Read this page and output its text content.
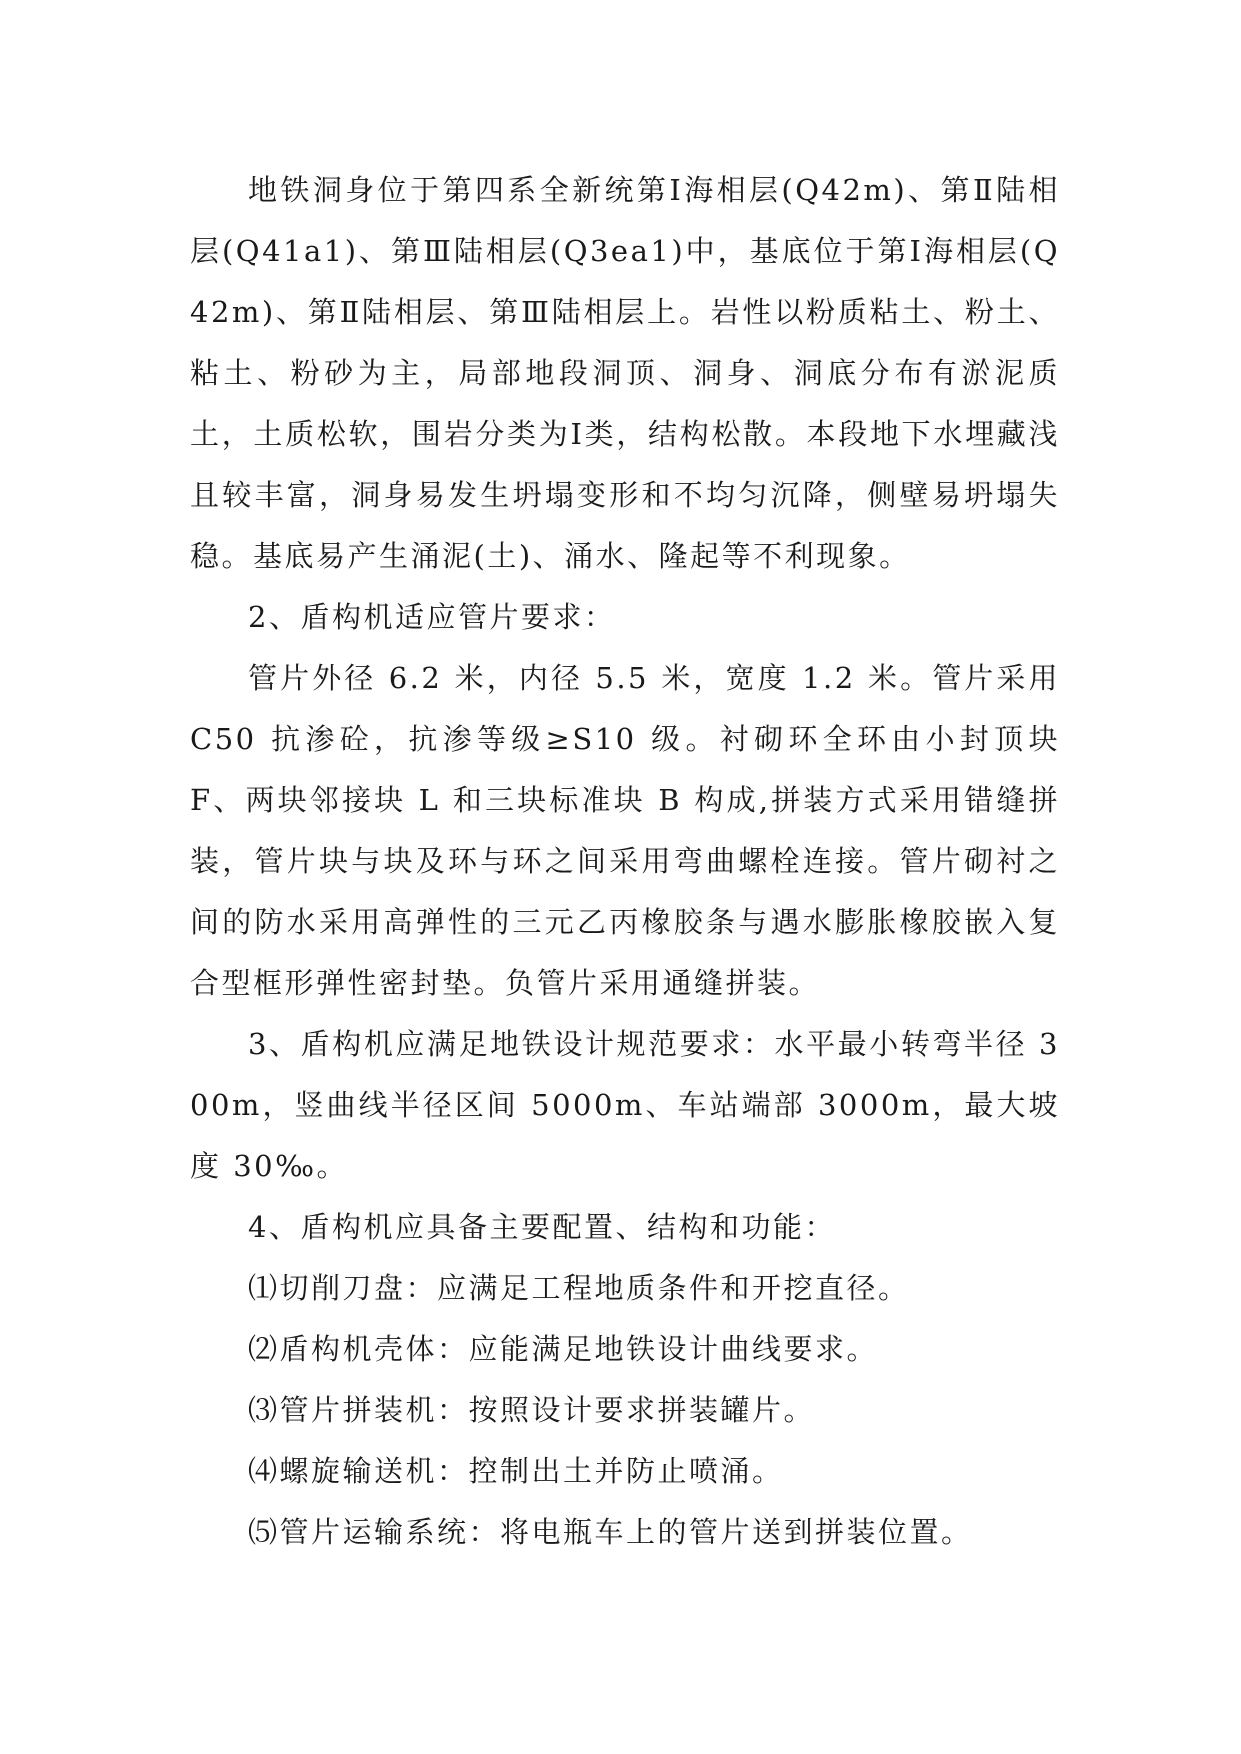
地铁洞身位于第四系全新统第Ⅰ海相层(Q42m)、第Ⅱ陆相层(Q41a1)、第Ⅲ陆相层(Q3ea1)中，基底位于第Ⅰ海相层(Q42m)、第Ⅱ陆相层、第Ⅲ陆相层上。岩性以粉质粘土、粉土、粘土、粉砂为主，局部地段洞顶、洞身、洞底分布有淤泥质土，土质松软，围岩分类为Ⅰ类，结构松散。本段地下水埋藏浅且较丰富，洞身易发生坍塌变形和不均匀沉降，侧壁易坍塌失稳。基底易产生涌泥(土)、涌水、隆起等不利现象。

2、盾构机适应管片要求：

管片外径 6.2 米，内径 5.5 米，宽度 1.2 米。管片采用C50 抗渗砼，抗渗等级≥S10 级。衬砌环全环由小封顶块 F、两块邻接块 L 和三块标准块 B 构成,拼装方式采用错缝拼装，管片块与块及环与环之间采用弯曲螺栓连接。管片砌衬之间的防水采用高弹性的三元乙丙橡胶条与遇水膨胀橡胶嵌入复合型框形弹性密封垫。负管片采用通缝拼装。

3、盾构机应满足地铁设计规范要求：水平最小转弯半径 300m，竖曲线半径区间 5000m、车站端部 3000m，最大坡度 30‰。

4、盾构机应具备主要配置、结构和功能：

⑴切削刀盘：应满足工程地质条件和开挖直径。

⑵盾构机壳体：应能满足地铁设计曲线要求。

⑶管片拼装机：按照设计要求拼装罐片。

⑷螺旋输送机：控制出土并防止喷涌。

⑸管片运输系统：将电瓶车上的管片送到拼装位置。
